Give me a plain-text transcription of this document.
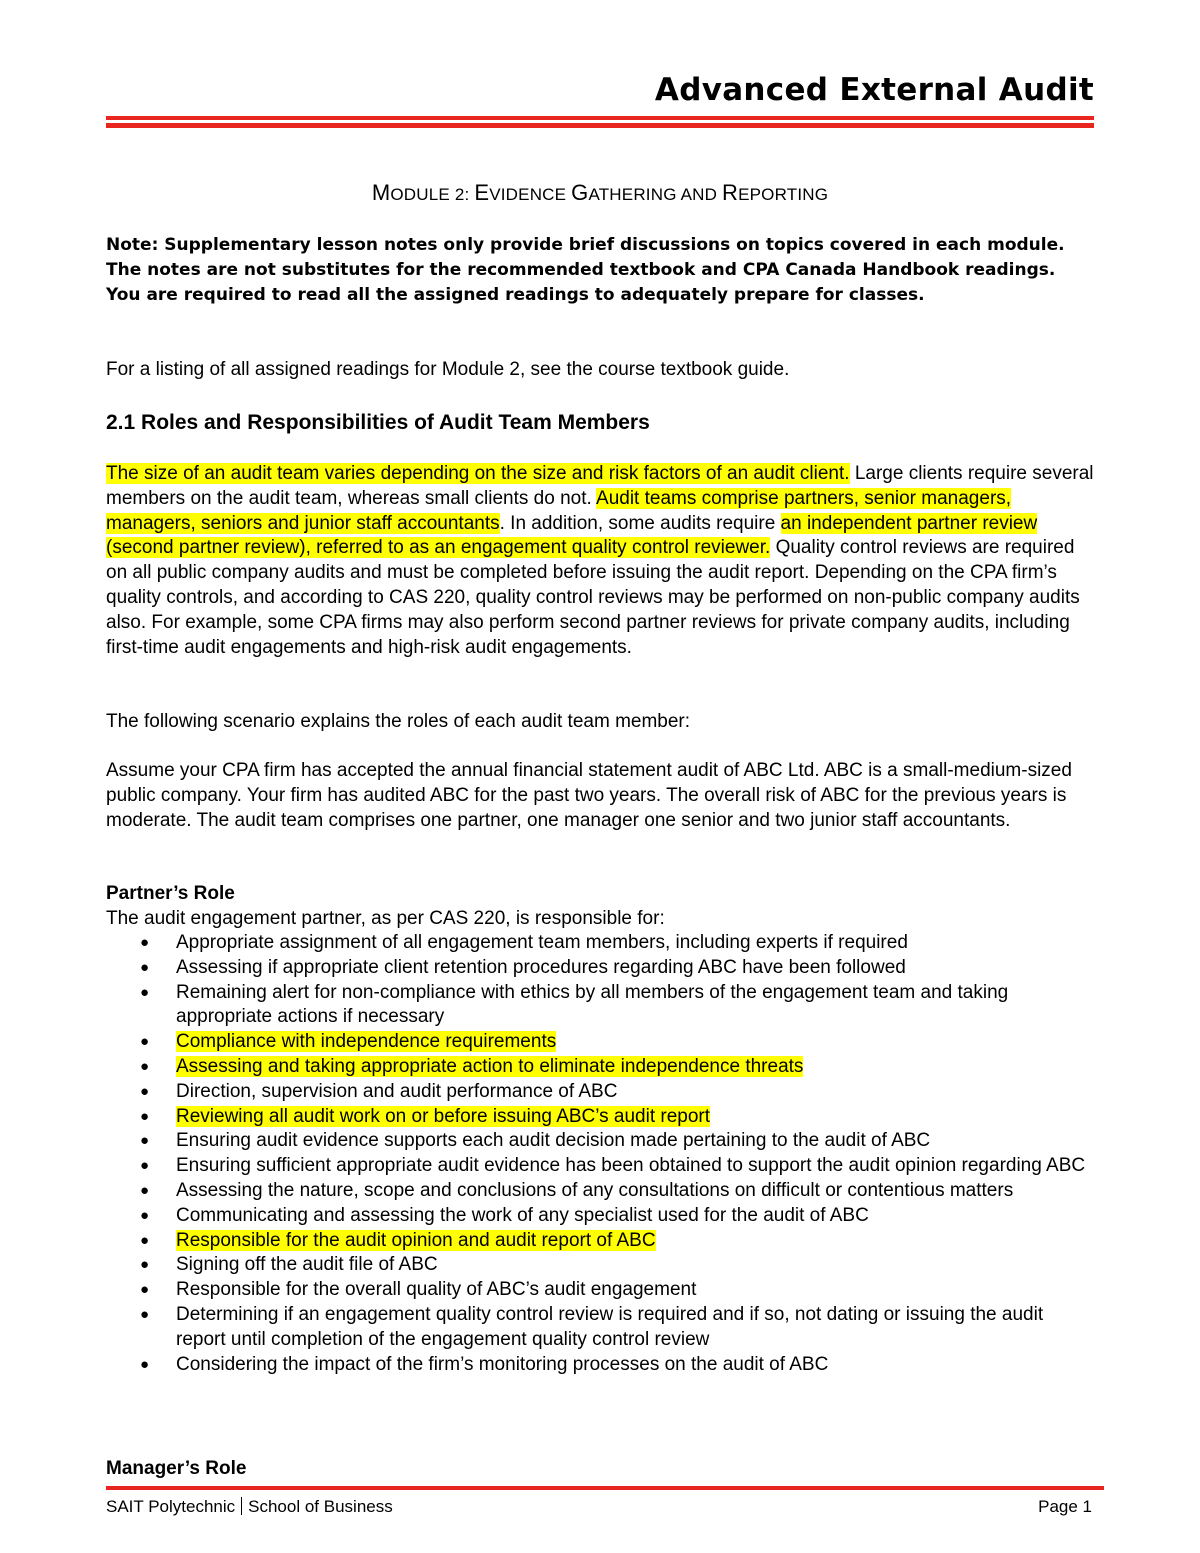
Advanced External Audit
MODULE 2: EVIDENCE GATHERING AND REPORTING

Note: Supplementary lesson notes only provide brief discussions on topics covered in each module. The notes are not substitutes for the recommended textbook and CPA Canada Handbook readings. You are required to read all the assigned readings to adequately prepare for classes.

For a listing of all assigned readings for Module 2, see the course textbook guide.

2.1 Roles and Responsibilities of Audit Team Members

The size of an audit team varies depending on the size and risk factors of an audit client. Large clients require several members on the audit team, whereas small clients do not. Audit teams comprise partners, senior managers, managers, seniors and junior staff accountants. In addition, some audits require an independent partner review (second partner review), referred to as an engagement quality control reviewer. Quality control reviews are required on all public company audits and must be completed before issuing the audit report. Depending on the CPA firm’s quality controls, and according to CAS 220, quality control reviews may be performed on non-public company audits also. For example, some CPA firms may also perform second partner reviews for private company audits, including first-time audit engagements and high-risk audit engagements.

The following scenario explains the roles of each audit team member:

Assume your CPA firm has accepted the annual financial statement audit of ABC Ltd. ABC is a small-medium-sized public company. Your firm has audited ABC for the past two years. The overall risk of ABC for the previous years is moderate. The audit team comprises one partner, one manager one senior and two junior staff accountants.

Partner’s Role

The audit engagement partner, as per CAS 220, is responsible for:

● Appropriate assignment of all engagement team members, including experts if required
● Assessing if appropriate client retention procedures regarding ABC have been followed
● Remaining alert for non-compliance with ethics by all members of the engagement team and taking appropriate actions if necessary
● Compliance with independence requirements
● Assessing and taking appropriate action to eliminate independence threats
● Direction, supervision and audit performance of ABC
● Reviewing all audit work on or before issuing ABC’s audit report
● Ensuring audit evidence supports each audit decision made pertaining to the audit of ABC
● Ensuring sufficient appropriate audit evidence has been obtained to support the audit opinion regarding ABC
● Assessing the nature, scope and conclusions of any consultations on difficult or contentious matters
● Communicating and assessing the work of any specialist used for the audit of ABC
● Responsible for the audit opinion and audit report of ABC
● Signing off the audit file of ABC
● Responsible for the overall quality of ABC’s audit engagement
● Determining if an engagement quality control review is required and if so, not dating or issuing the audit report until completion of the engagement quality control review
● Considering the impact of the firm’s monitoring processes on the audit of ABC
Manager’s Role

SAIT Polytechnic School of Business	Page 1
